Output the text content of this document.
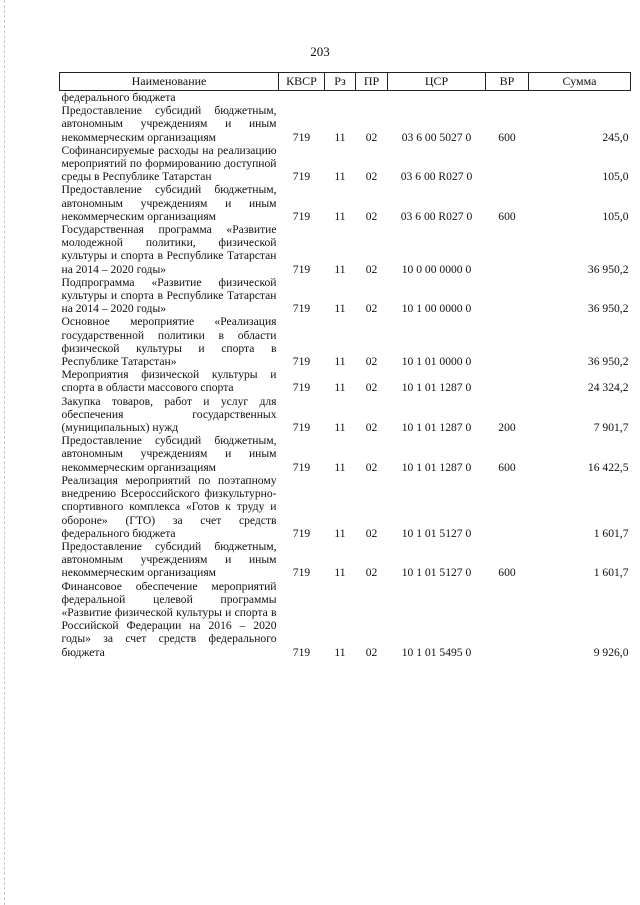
203
Наименование	КВСР	Рз	ПР	ЦСР	ВР	Сумма
федерального бюджета						
Предоставление субсидий бюджетным, автономным учреждениям и иным некоммерческим организациям	719	11	02	03 6 00 5027 0	600	245,0
Софинансируемые расходы на реализацию мероприятий по формированию доступной среды в Республике Татарстан	719	11	02	03 6 00 R027 0		105,0
Предоставление субсидий бюджетным, автономным учреждениям и иным некоммерческим организациям	719	11	02	03 6 00 R027 0	600	105,0
Государственная программа «Развитие молодежной политики, физической культуры и спорта в Республике Татарстан на 2014 – 2020 годы»	719	11	02	10 0 00 0000 0		36 950,2
Подпрограмма «Развитие физической культуры и спорта в Республике Татарстан на 2014 – 2020 годы»	719	11	02	10 1 00 0000 0		36 950,2
Основное мероприятие «Реализация государственной политики в области физической культуры и спорта в Республике Татарстан»	719	11	02	10 1 01 0000 0		36 950,2
Мероприятия физической культуры и спорта в области массового спорта	719	11	02	10 1 01 1287 0		24 324,2
Закупка товаров, работ и услуг для обеспечения государственных (муниципальных) нужд	719	11	02	10 1 01 1287 0	200	7 901,7
Предоставление субсидий бюджетным, автономным учреждениям и иным некоммерческим организациям	719	11	02	10 1 01 1287 0	600	16 422,5
Реализация мероприятий по поэтапному внедрению Всероссийского физкультурно-спортивного комплекса «Готов к труду и обороне» (ГТО) за счет средств федерального бюджета	719	11	02	10 1 01 5127 0		1 601,7
Предоставление субсидий бюджетным, автономным учреждениям и иным некоммерческим организациям	719	11	02	10 1 01 5127 0	600	1 601,7
Финансовое обеспечение мероприятий федеральной целевой программы «Развитие физической культуры и спорта в Российской Федерации на 2016 – 2020 годы» за счет средств федерального бюджета	719	11	02	10 1 01 5495 0		9 926,0
